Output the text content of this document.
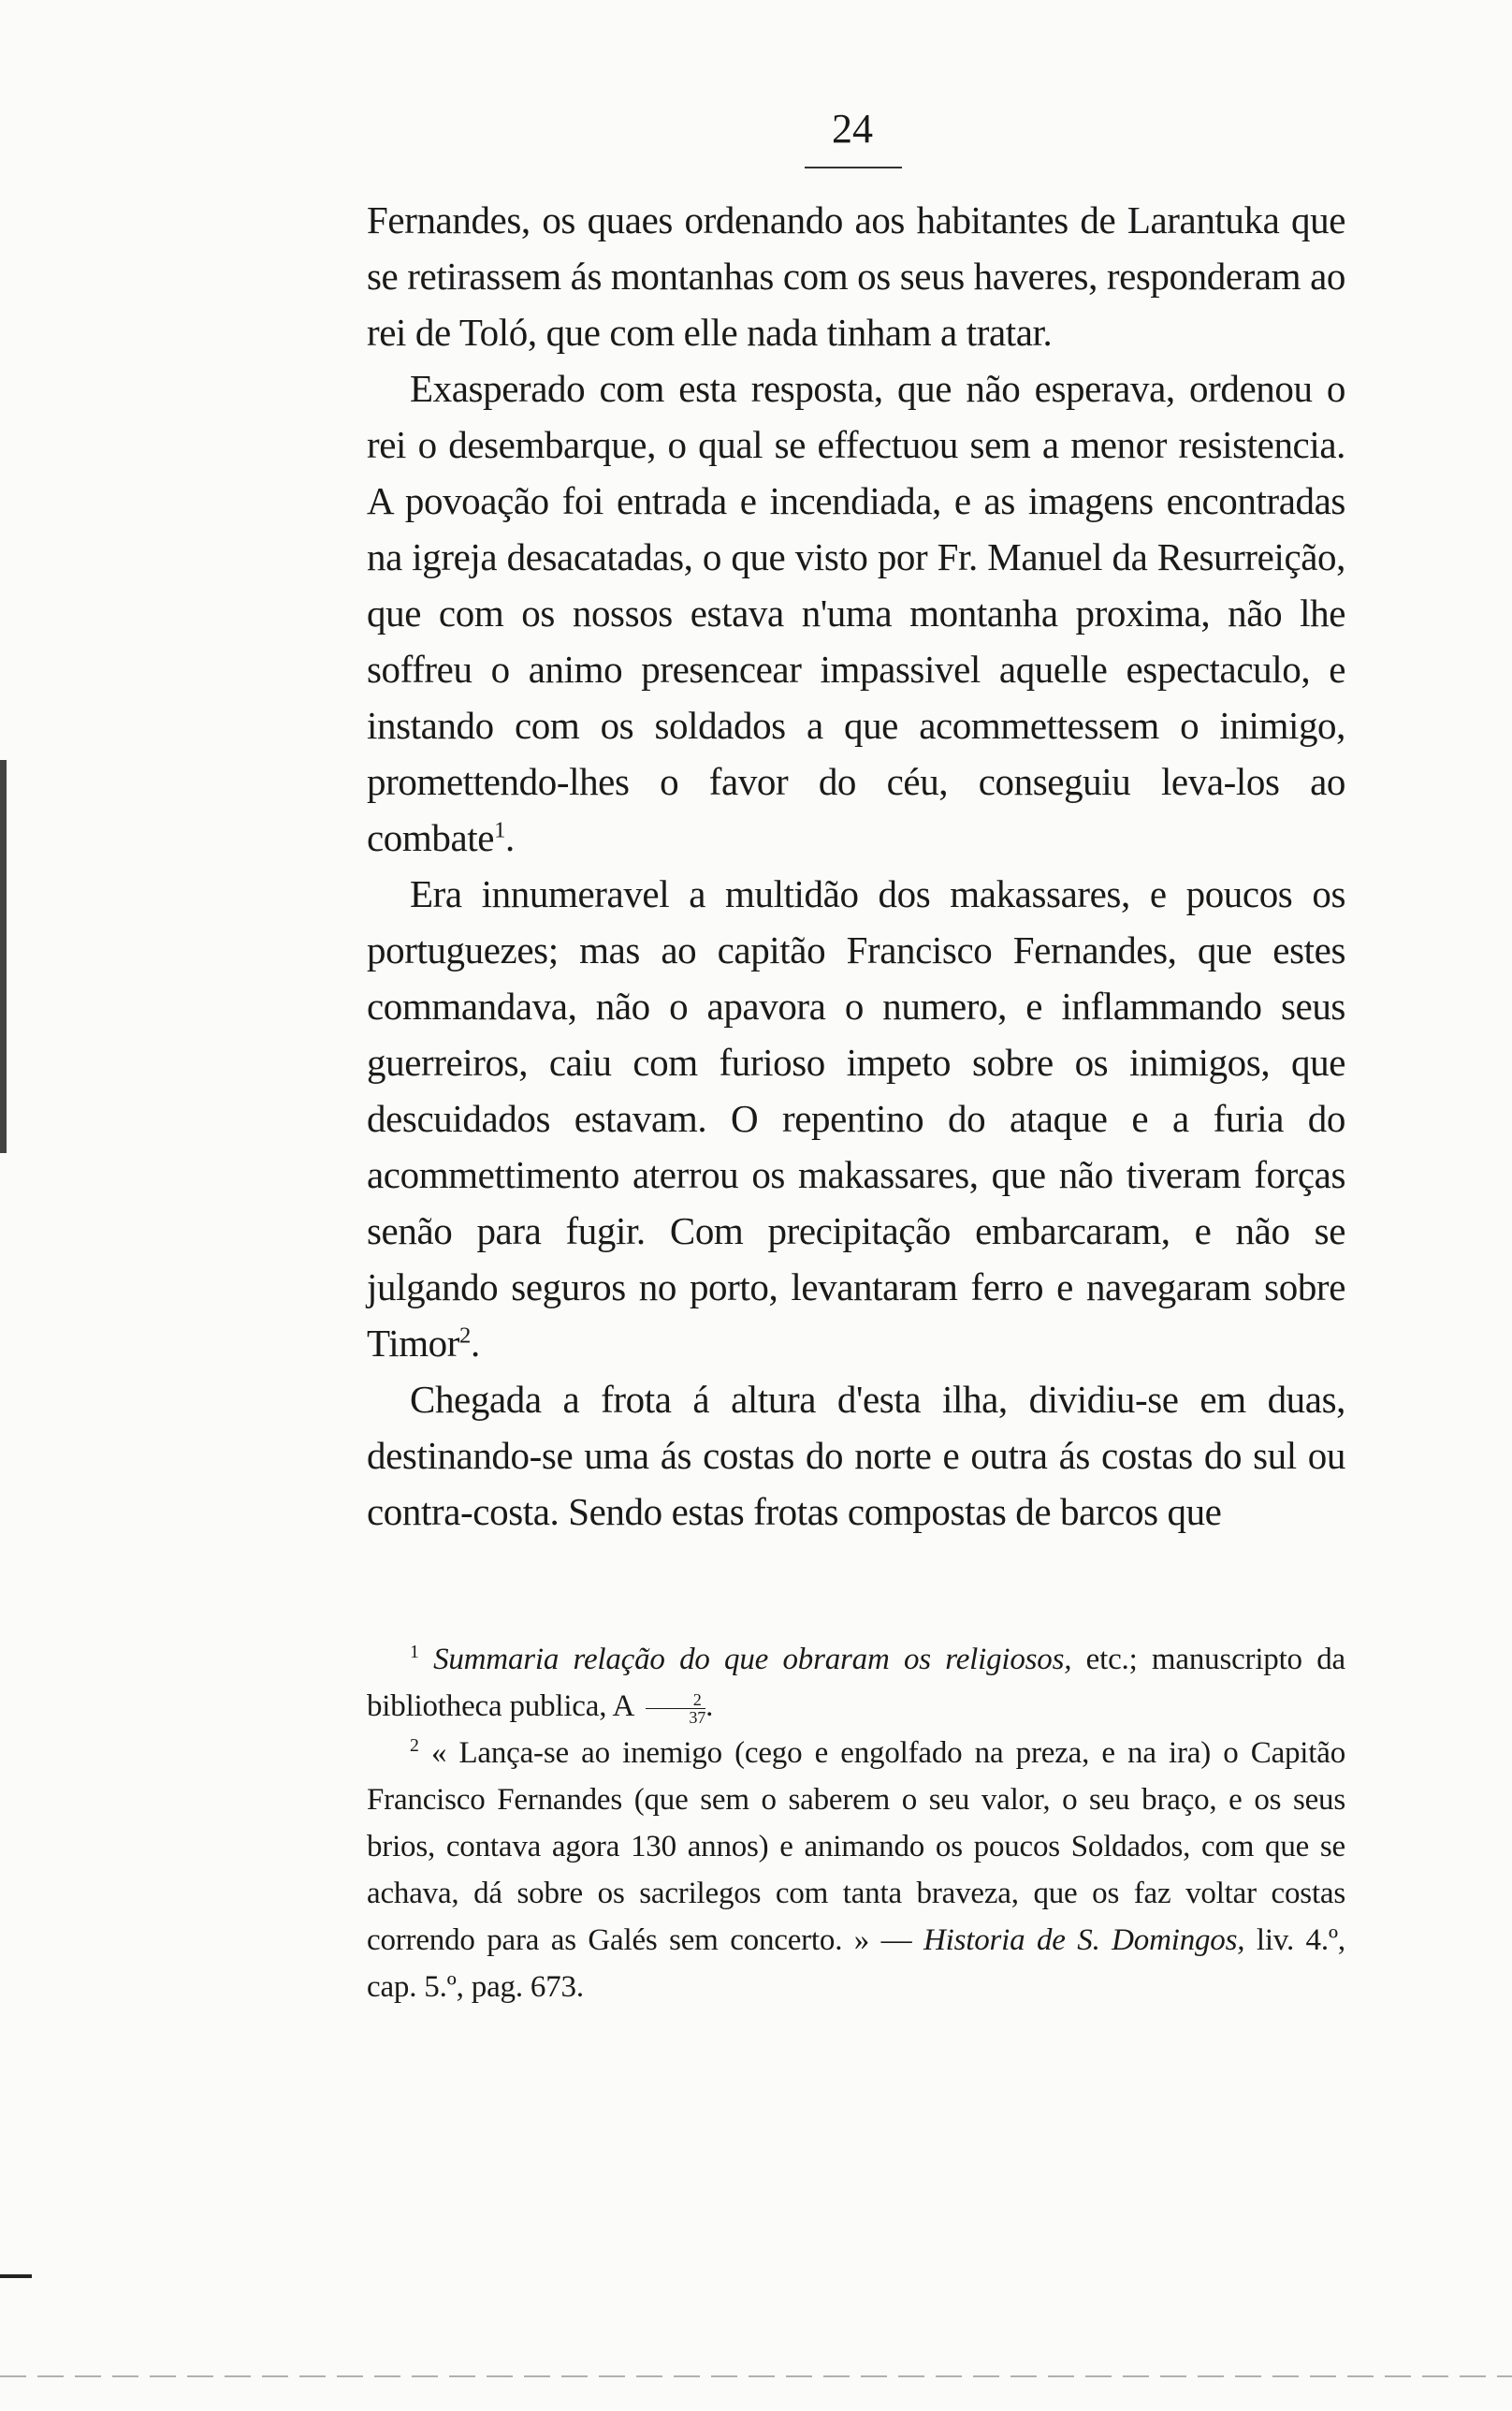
24

Fernandes, os quaes ordenando aos habitantes de Larantuka que se retirassem ás montanhas com os seus haveres, responderam ao rei de Toló, que com elle nada tinham a tratar.

Exasperado com esta resposta, que não esperava, ordenou o rei o desembarque, o qual se effectuou sem a menor resistencia. A povoação foi entrada e incendiada, e as imagens encontradas na igreja desacatadas, o que visto por Fr. Manuel da Resurreição, que com os nossos estava n'uma montanha proxima, não lhe soffreu o animo presencear impassivel aquelle espectaculo, e instando com os soldados a que acommettessem o inimigo, promettendo-lhes o favor do céu, conseguiu leva-los ao combate$^1$.

Era innumeravel a multidão dos makassares, e poucos os portuguezes; mas ao capitão Francisco Fernandes, que estes commandava, não o apavora o numero, e inflammando seus guerreiros, caiu com furioso impeto sobre os inimigos, que descuidados estavam. O repentino do ataque e a furia do acommettimento aterrou os makassares, que não tiveram forças senão para fugir. Com precipitação embarcaram, e não se julgando seguros no porto, levantaram ferro e navegaram sobre Timor$^2$.

Chegada a frota á altura d'esta ilha, dividiu-se em duas, destinando-se uma ás costas do norte e outra ás costas do sul ou contra-costa. Sendo estas frotas compostas de barcos que

$^1$ Summaria relação do que obraram os religiosos, etc.; manuscripto da bibliotheca publica, A $\frac{2}{37}$ .

$^2$ « Lança-se ao inemigo (cego e engolfado na preza, e na ira) o Capitão Francisco Fernandes (que sem o saberem o seu valor, o seu braço, e os seus brios, contava agora 130 annos) e animando os poucos Soldados, com que se achava, dá sobre os sacrilegos com tanta braveza, que os faz voltar costas correndo para as Galés sem concerto. » — Historia de S. Domingos, liv. 4.º, cap. 5.º, pag. 673.
